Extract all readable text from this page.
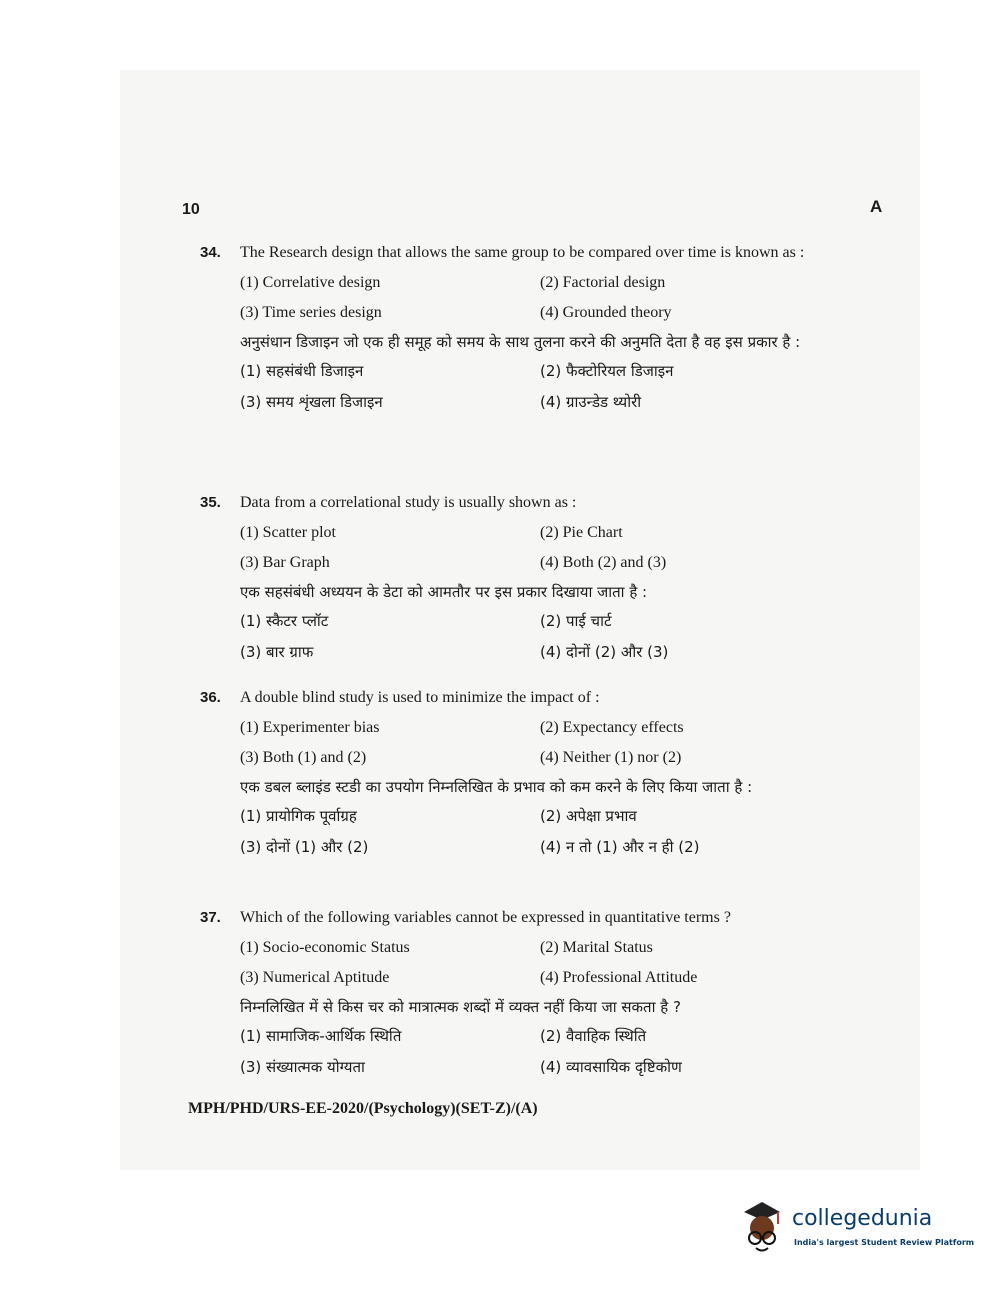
10	A
34.	The Research design that allows the same group to be compared over time is known as :
(1) Correlative design	(2) Factorial design
(3) Time series design	(4) Grounded theory
अनुसंधान डिजाइन जो एक ही समूह को समय के साथ तुलना करने की अनुमति देता है वह इस प्रकार है :
(1) सहसंबंधी डिजाइन	(2) फैक्टोरियल डिजाइन
(3) समय शृंखला डिजाइन	(4) ग्राउन्डेड थ्योरी
35.	Data from a correlational study is usually shown as :
(1) Scatter plot	(2) Pie Chart
(3) Bar Graph	(4) Both (2) and (3)
एक सहसंबंधी अध्ययन के डेटा को आमतौर पर इस प्रकार दिखाया जाता है :
(1) स्कैटर प्लॉट	(2) पाई चार्ट
(3) बार ग्राफ	(4) दोनों (2) और (3)
36.	A double blind study is used to minimize the impact of :
(1) Experimenter bias	(2) Expectancy effects
(3) Both (1) and (2)	(4) Neither (1) nor (2)
एक डबल ब्लाइंड स्टडी का उपयोग निम्नलिखित के प्रभाव को कम करने के लिए किया जाता है :
(1) प्रायोगिक पूर्वाग्रह	(2) अपेक्षा प्रभाव
(3) दोनों (1) और (2)	(4) न तो (1) और न ही (2)
37.	Which of the following variables cannot be expressed in quantitative terms ?
(1) Socio-economic Status	(2) Marital Status
(3) Numerical Aptitude	(4) Professional Attitude
निम्नलिखित में से किस चर को मात्रात्मक शब्दों में व्यक्त नहीं किया जा सकता है ?
(1) सामाजिक-आर्थिक स्थिति	(2) वैवाहिक स्थिति
(3) संख्यात्मक योग्यता	(4) व्यावसायिक दृष्टिकोण
MPH/PHD/URS-EE-2020/(Psychology)(SET-Z)/(A)
collegedunia
India's largest Student Review Platform
